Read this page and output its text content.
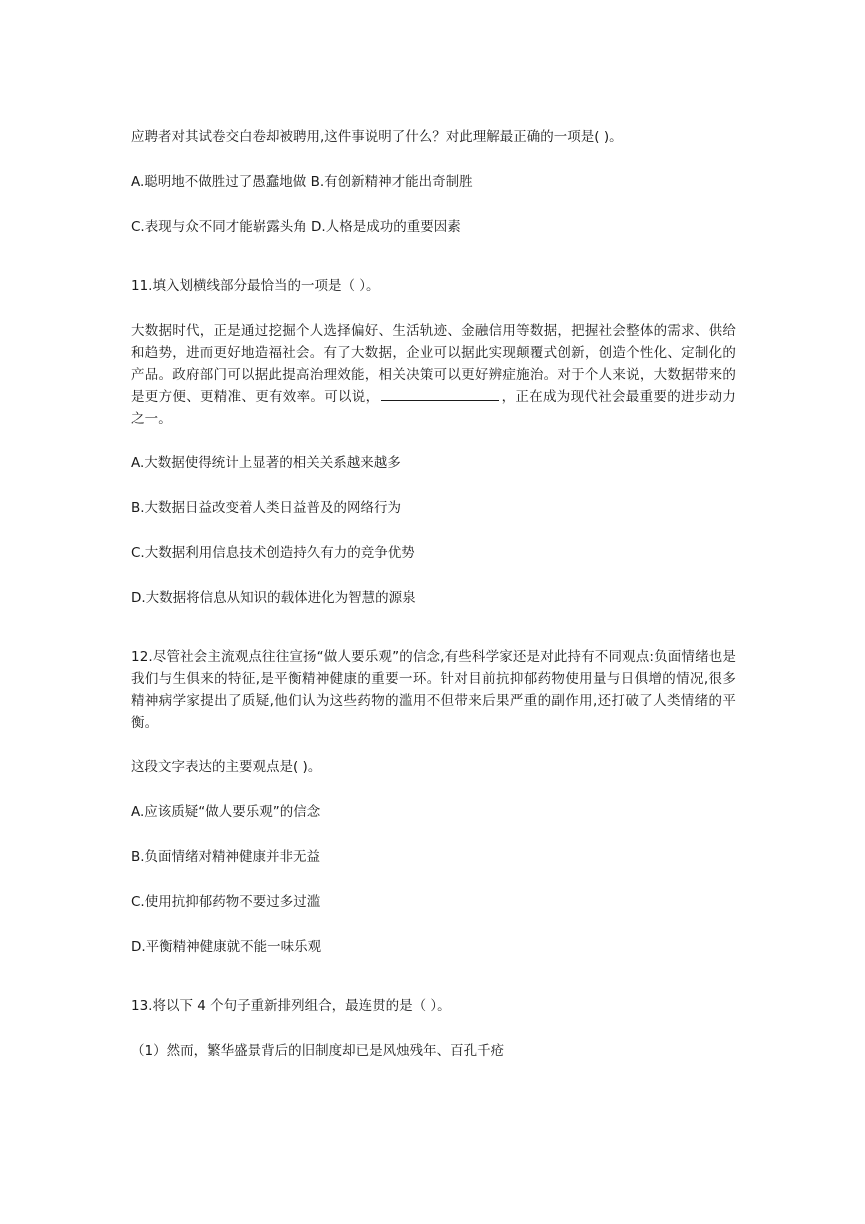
应聘者对其试卷交白卷却被聘用,这件事说明了什么？对此理解最正确的一项是( )。

A.聪明地不做胜过了愚蠢地做 B.有创新精神才能出奇制胜

C.表现与众不同才能崭露头角 D.人格是成功的重要因素

11.填入划横线部分最恰当的一项是（ ）。

大数据时代，正是通过挖掘个人选择偏好、生活轨迹、金融信用等数据，把握社会整体的需求、供给和趋势，进而更好地造福社会。有了大数据，企业可以据此实现颠覆式创新，创造个性化、定制化的产品。政府部门可以据此提高治理效能，相关决策可以更好辨症施治。对于个人来说，大数据带来的是更方便、更精准、更有效率。可以说，	，正在成为现代社会最重要的进步动力之一。

A.大数据使得统计上显著的相关关系越来越多

B.大数据日益改变着人类日益普及的网络行为

C.大数据利用信息技术创造持久有力的竞争优势

D.大数据将信息从知识的载体进化为智慧的源泉

12.尽管社会主流观点往往宣扬“做人要乐观”的信念,有些科学家还是对此持有不同观点:负面情绪也是我们与生俱来的特征,是平衡精神健康的重要一环。针对目前抗抑郁药物使用量与日俱增的情况,很多精神病学家提出了质疑,他们认为这些药物的滥用不但带来后果严重的副作用,还打破了人类情绪的平衡。

这段文字表达的主要观点是( )。

A.应该质疑“做人要乐观”的信念

B.负面情绪对精神健康并非无益

C.使用抗抑郁药物不要过多过滥

D.平衡精神健康就不能一味乐观

13.将以下 4 个句子重新排列组合，最连贯的是（ ）。

（1）然而，繁华盛景背后的旧制度却已是风烛残年、百孔千疮
